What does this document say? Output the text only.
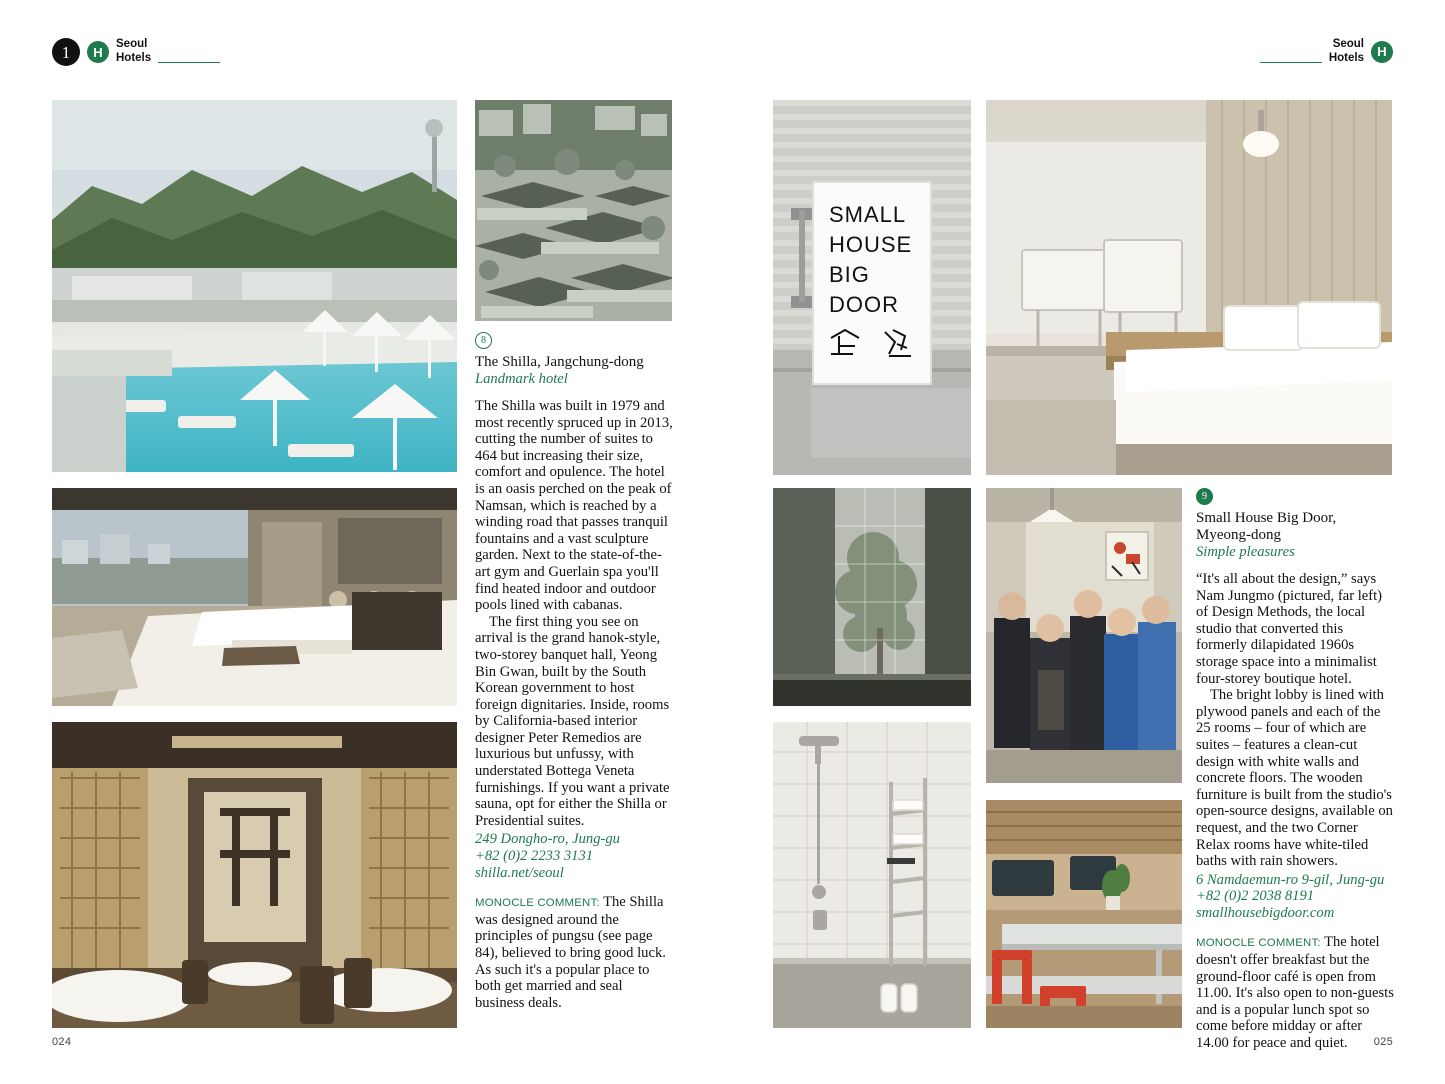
1	H
Seoul
Hotels	H
Seoul
Hotels
024	025
8
The Shilla, Jangchung-dong
Landmark hotel

The Shilla was built in 1979 and most recently spruced up in 2013, cutting the number of suites to 464 but increasing their size, comfort and opulence. The hotel is an oasis perched on the peak of Namsan, which is reached by a winding road that passes tranquil fountains and a vast sculpture garden. Next to the state-of-the-art gym and Guerlain spa you'll find heated indoor and outdoor pools lined with cabanas.

The first thing you see on arrival is the grand hanok-style, two-storey banquet hall, Yeong Bin Gwan, built by the South Korean government to host foreign dignitaries. Inside, rooms by California-based interior designer Peter Remedios are luxurious but unfussy, with understated Bottega Veneta furnishings. If you want a private sauna, opt for either the Shilla or Presidential suites.

249 Dongho-ro, Jung-gu
+82 (0)2 2233 3131
shilla.net/seoul
MONOCLE COMMENT: The Shilla was designed around the principles of pungsu (see page 84), believed to bring good luck. As such it's a popular place to both get married and seal business deals.
SMALL
HOUSE
BIG
DOOR
9
Small House Big Door,
Myeong-dong
Simple pleasures

“It's all about the design,” says Nam Jungmo (pictured, far left) of Design Methods, the local studio that converted this formerly dilapidated 1960s storage space into a minimalist four-storey boutique hotel.

The bright lobby is lined with plywood panels and each of the 25 rooms – four of which are suites – features a clean-cut design with white walls and concrete floors. The wooden furniture is built from the studio's open-source designs, available on request, and the two Corner Relax rooms have white-tiled baths with rain showers.

6 Namdaemun-ro 9-gil, Jung-gu
+82 (0)2 2038 8191
smallhousebigdoor.com
MONOCLE COMMENT: The hotel doesn't offer breakfast but the ground-floor café is open from 11.00. It's also open to non-guests and is a popular lunch spot so come before midday or after 14.00 for peace and quiet.
